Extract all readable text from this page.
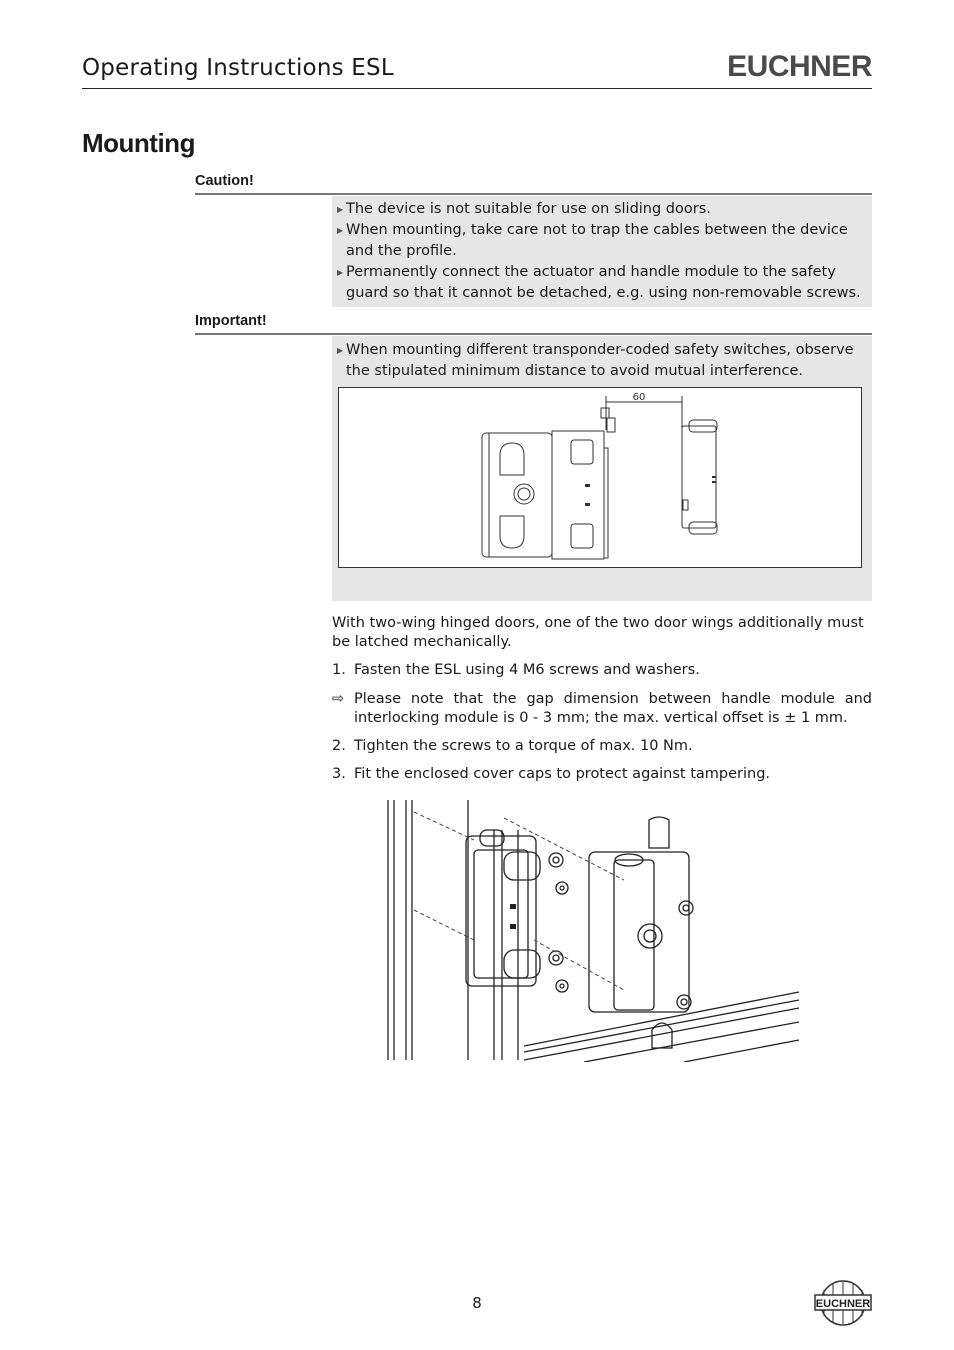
Operating Instructions ESL	EUCHNER
Mounting
Caution!
▶ The device is not suitable for use on sliding doors.
▶ When mounting, take care not to trap the cables between the device and the profile.
▶ Permanently connect the actuator and handle module to the safety guard so that it cannot be detached, e.g. using non-removable screws.
Important!
▶ When mounting different transponder-coded safety switches, observe the stipulated minimum distance to avoid mutual interference.
60
With two-wing hinged doors, one of the two door wings additionally must be latched mechanically.
1. Fasten the ESL using 4 M6 screws and washers.
⇨ Please note that the gap dimension between handle module and interlocking module is 0 - 3 mm; the max. vertical offset is ± 1 mm.
2. Tighten the screws to a torque of max. 10 Nm.
3. Fit the enclosed cover caps to protect against tampering.
8	EUCHNER
